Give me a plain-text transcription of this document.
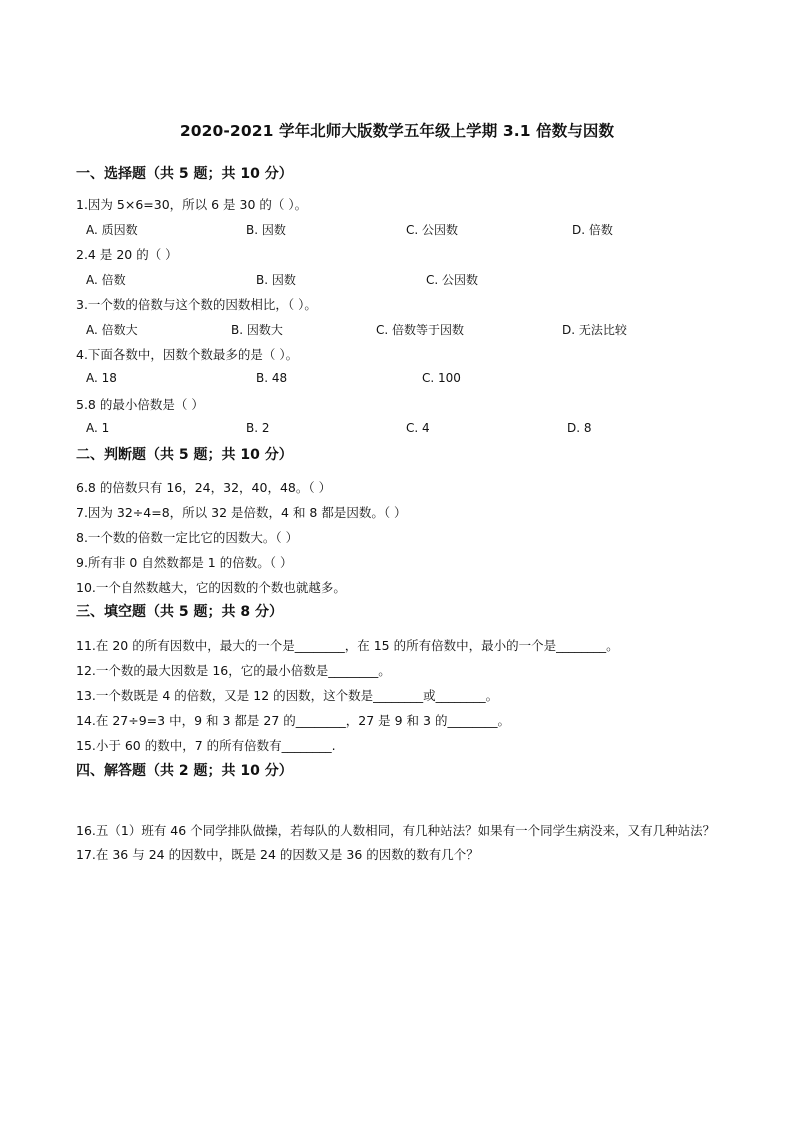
2020-2021 学年北师大版数学五年级上学期 3.1 倍数与因数
一、选择题（共 5 题；共 10 分）
1.因为 5×6=30，所以 6 是 30 的（ ）。
A. 质因数	B. 因数	C. 公因数	D. 倍数
2.4 是 20 的（ ）
A. 倍数	B. 因数	C. 公因数
3.一个数的倍数与这个数的因数相比，（ ）。
A. 倍数大	B. 因数大	C. 倍数等于因数	D. 无法比较
4.下面各数中，因数个数最多的是（ ）。
A. 18	B. 48	C. 100
5.8 的最小倍数是（ ）
A. 1	B. 2	C. 4	D. 8
二、判断题（共 5 题；共 10 分）
6.8 的倍数只有 16，24，32，40，48。（ ）
7.因为 32÷4=8，所以 32 是倍数，4 和 8 都是因数。（ ）
8.一个数的倍数一定比它的因数大。（ ）
9.所有非 0 自然数都是 1 的倍数。（ ）
10.一个自然数越大，它的因数的个数也就越多。
三、填空题（共 5 题；共 8 分）
11.在 20 的所有因数中，最大的一个是________，在 15 的所有倍数中，最小的一个是________。
12.一个数的最大因数是 16，它的最小倍数是________。
13.一个数既是 4 的倍数，又是 12 的因数，这个数是________或________。
14.在 27÷9=3 中，9 和 3 都是 27 的________，27 是 9 和 3 的________。
15.小于 60 的数中，7 的所有倍数有________.
四、解答题（共 2 题；共 10 分）
16.五（1）班有 46 个同学排队做操，若每队的人数相同，有几种站法？如果有一个同学生病没来，又有几种站法？
17.在 36 与 24 的因数中，既是 24 的因数又是 36 的因数的数有几个？
